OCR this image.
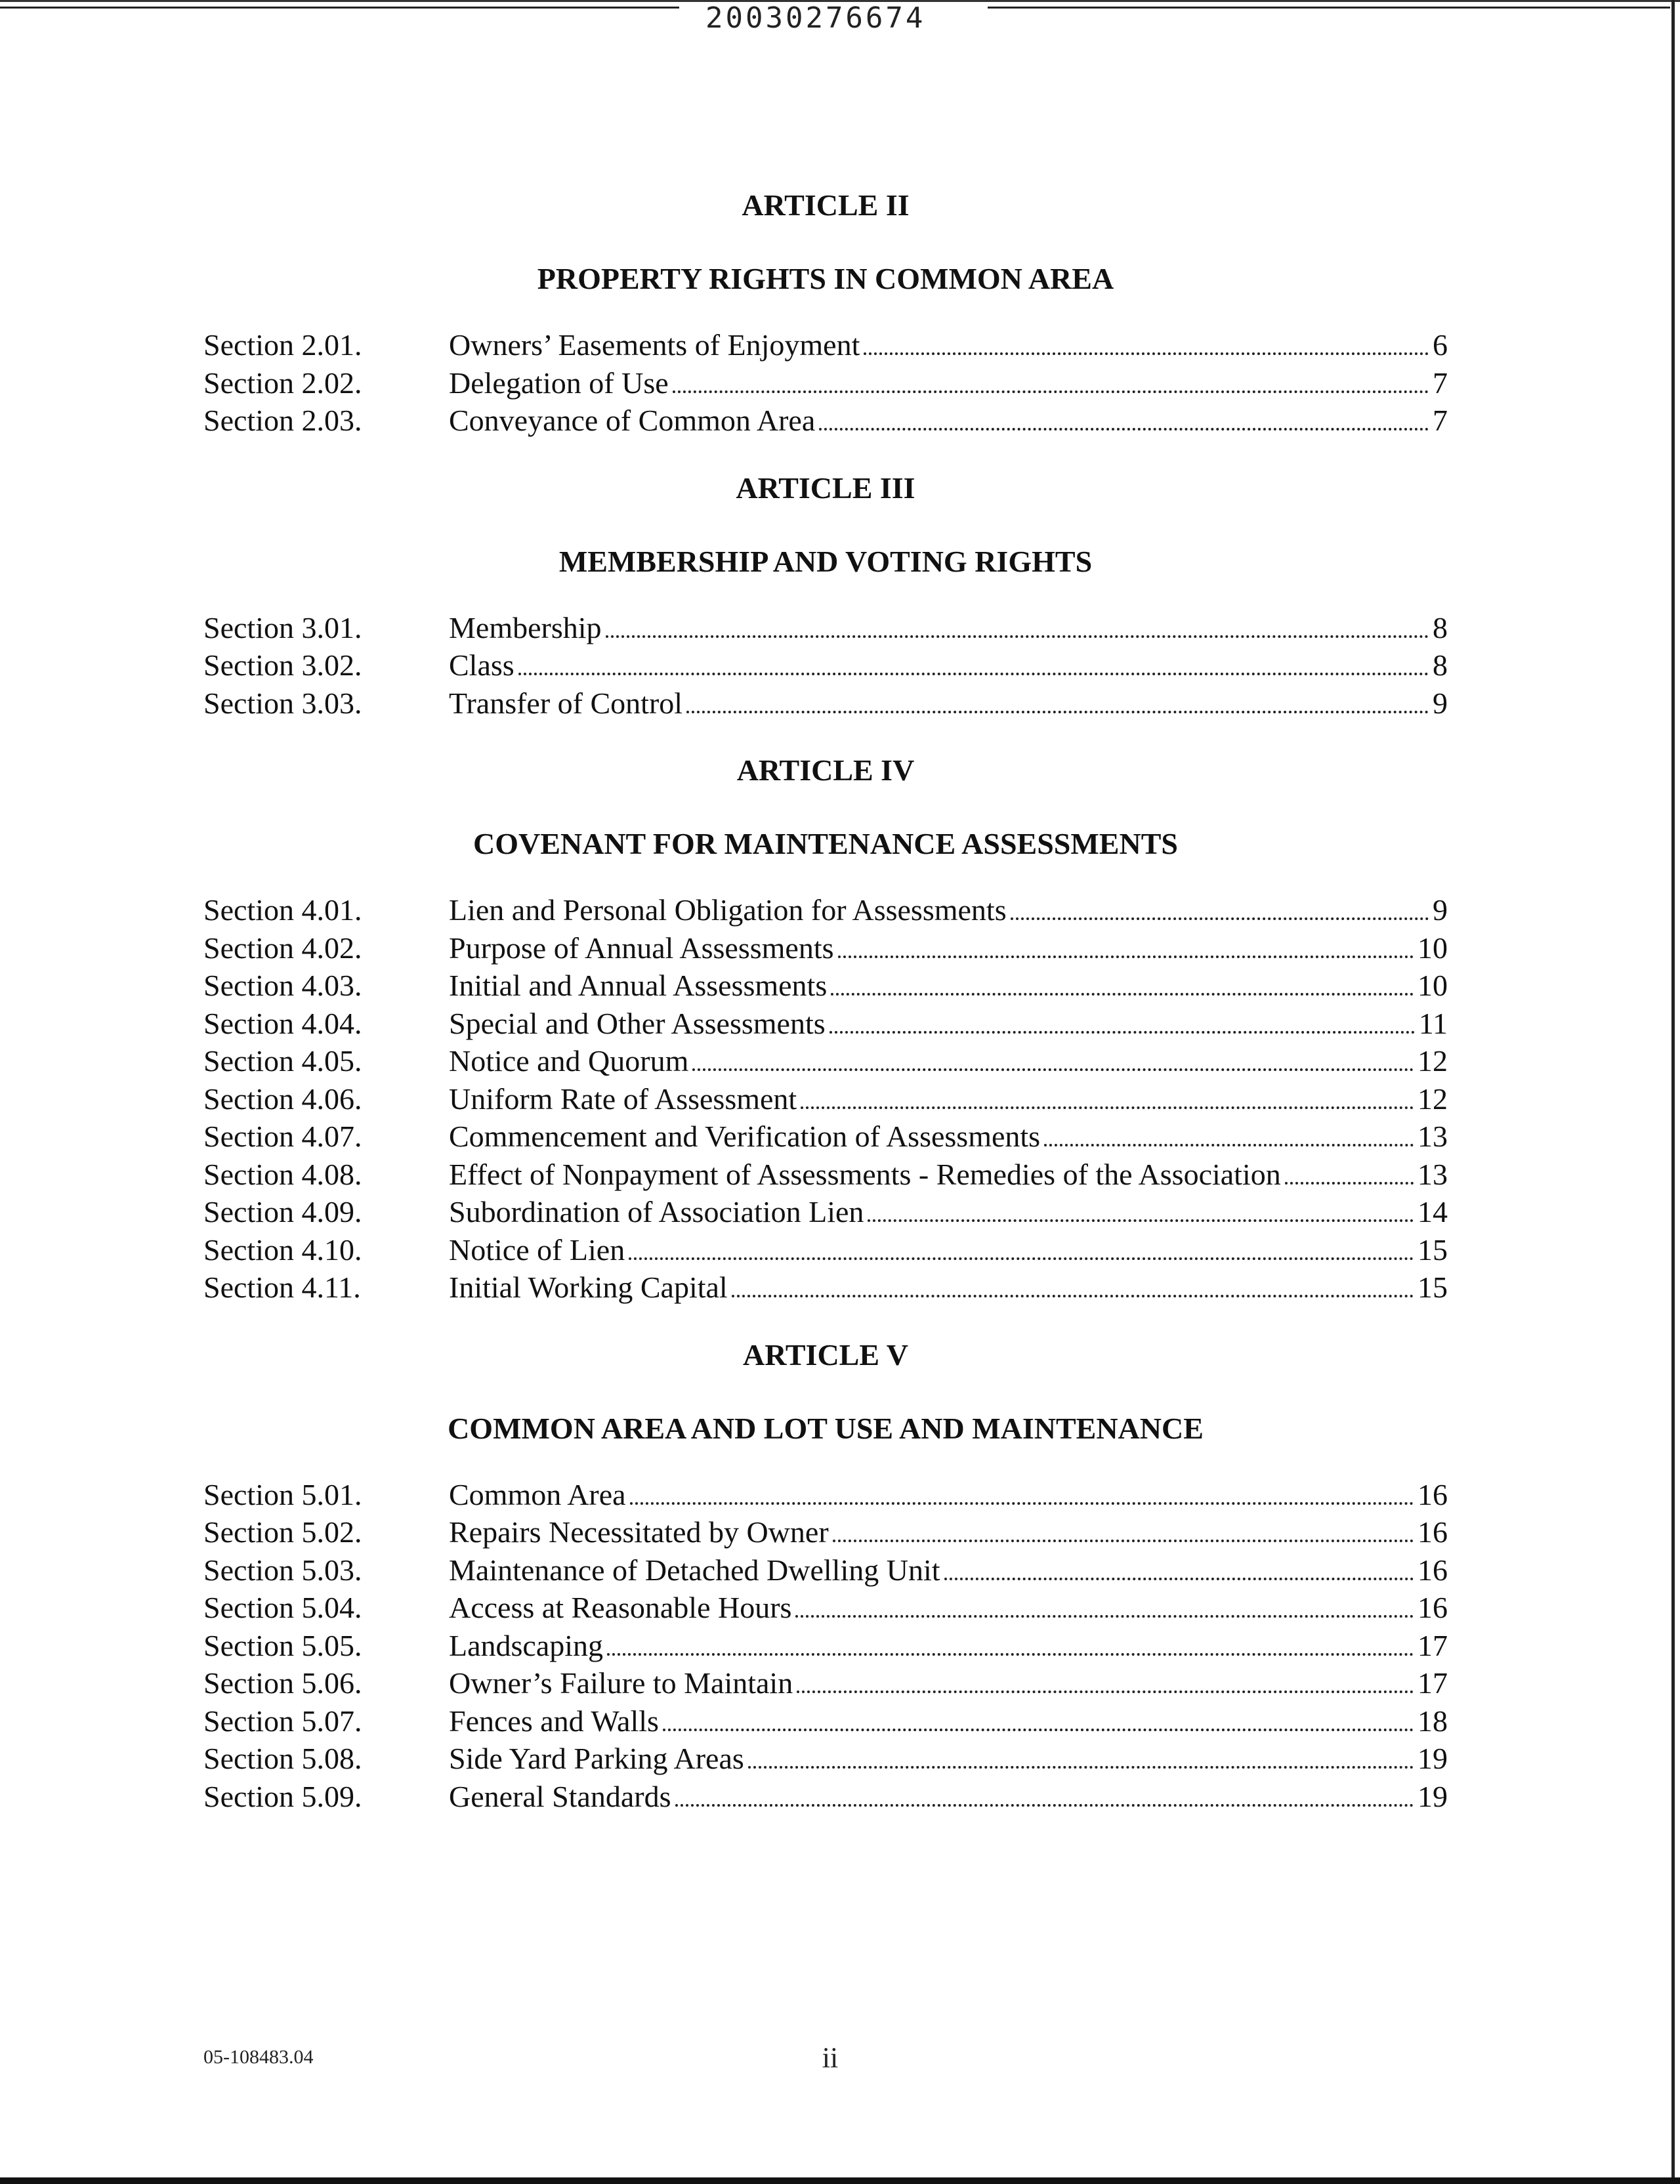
20030276674
ARTICLE II
PROPERTY RIGHTS IN COMMON AREA
Section 2.01.	Owners’ Easements of Enjoyment	6
Section 2.02.	Delegation of Use	7
Section 2.03.	Conveyance of Common Area	7
ARTICLE III
MEMBERSHIP AND VOTING RIGHTS
Section 3.01.	Membership	8
Section 3.02.	Class	8
Section 3.03.	Transfer of Control	9
ARTICLE IV
COVENANT FOR MAINTENANCE ASSESSMENTS
Section 4.01.	Lien and Personal Obligation for Assessments	9
Section 4.02.	Purpose of Annual Assessments	10
Section 4.03.	Initial and Annual Assessments	10
Section 4.04.	Special and Other Assessments	11
Section 4.05.	Notice and Quorum	12
Section 4.06.	Uniform Rate of Assessment	12
Section 4.07.	Commencement and Verification of Assessments	13
Section 4.08.	Effect of Nonpayment of Assessments - Remedies of the Association	13
Section 4.09.	Subordination of Association Lien	14
Section 4.10.	Notice of Lien	15
Section 4.11.	Initial Working Capital	15
ARTICLE V
COMMON AREA AND LOT USE AND MAINTENANCE
Section 5.01.	Common Area	16
Section 5.02.	Repairs Necessitated by Owner	16
Section 5.03.	Maintenance of Detached Dwelling Unit	16
Section 5.04.	Access at Reasonable Hours	16
Section 5.05.	Landscaping	17
Section 5.06.	Owner’s Failure to Maintain	17
Section 5.07.	Fences and Walls	18
Section 5.08.	Side Yard Parking Areas	19
Section 5.09.	General Standards	19
05-108483.04	ii
